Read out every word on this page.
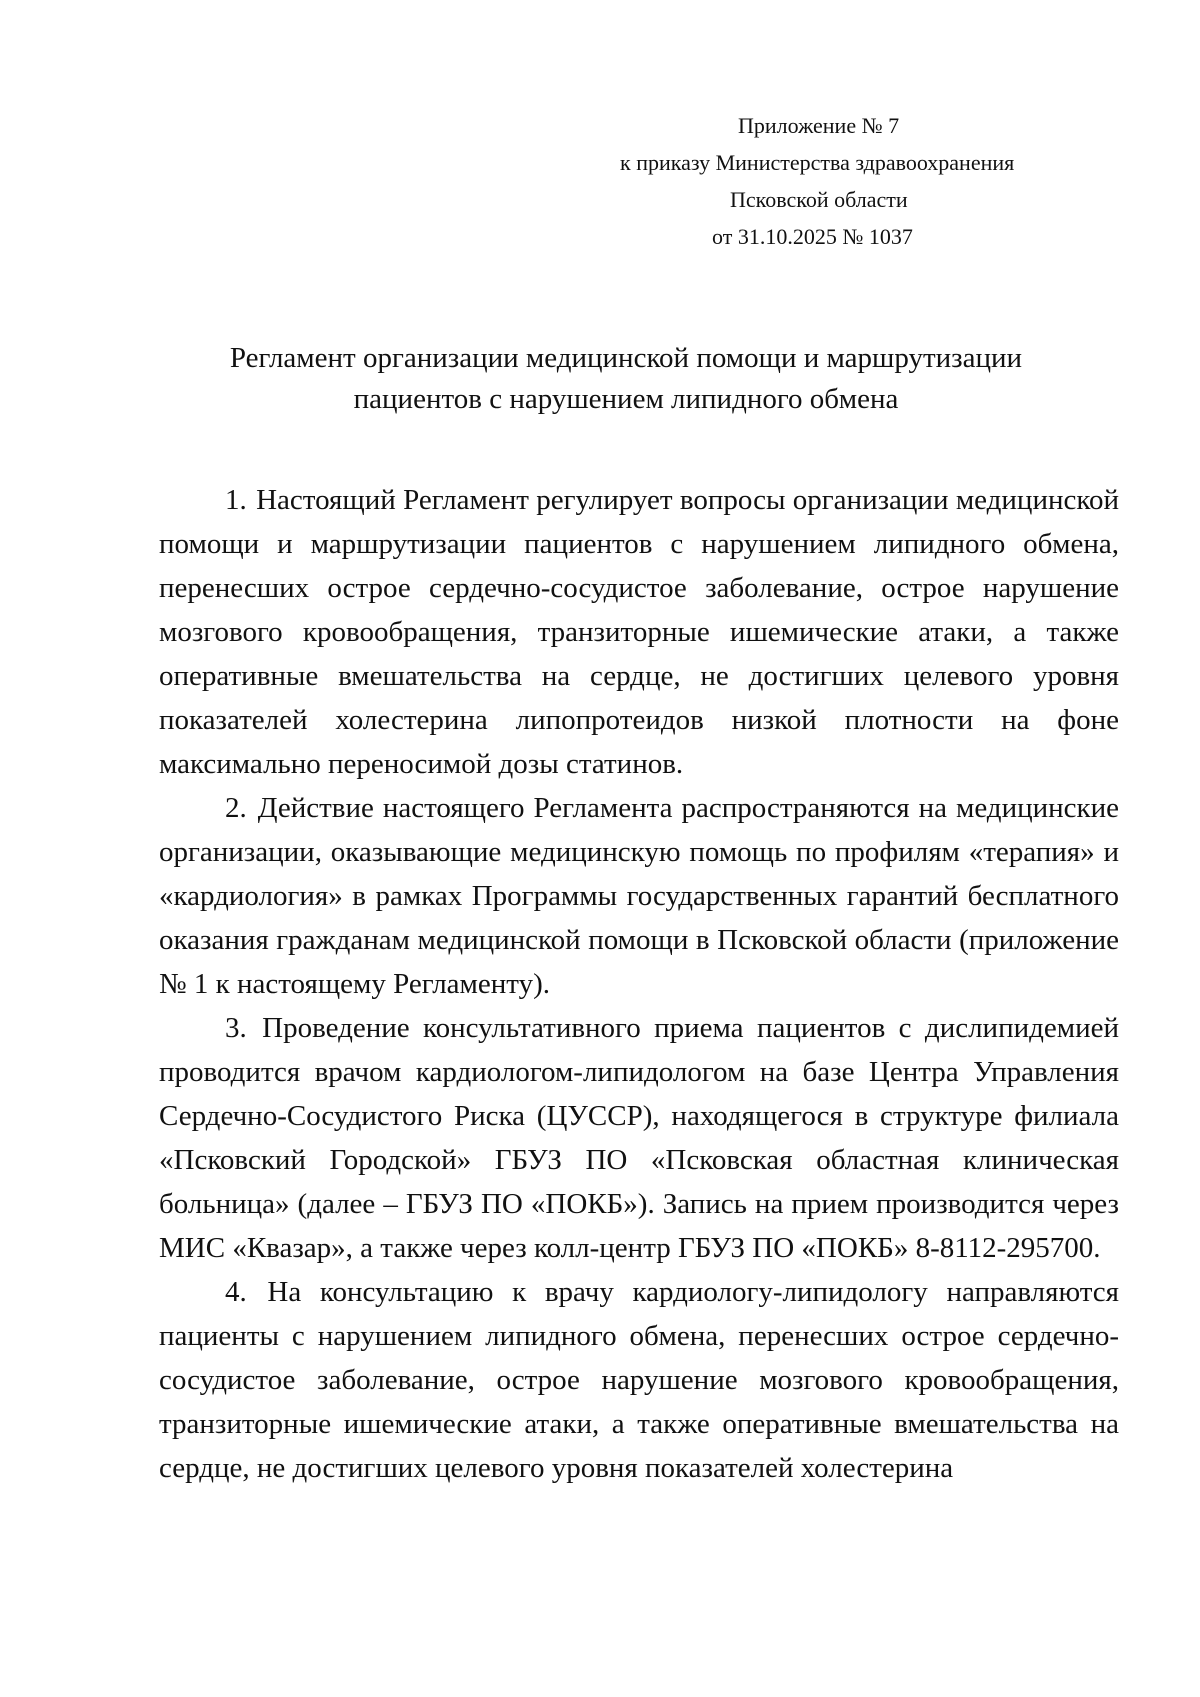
Приложение № 7
к приказу Министерства здравоохранения
Псковской области
от 31.10.2025 № 1037
Регламент организации медицинской помощи и маршрутизации
пациентов с нарушением липидного обмена

1. Настоящий Регламент регулирует вопросы организации медицинской помощи и маршрутизации пациентов с нарушением липидного обмена, перенесших острое сердечно-сосудистое заболевание, острое нарушение мозгового кровообращения, транзиторные ишемические атаки, а также оперативные вмешательства на сердце, не достигших целевого уровня показателей холестерина липопротеидов низкой плотности на фоне максимально переносимой дозы статинов.

2. Действие настоящего Регламента распространяются на медицинские организации, оказывающие медицинскую помощь по профилям «терапия» и «кардиология» в рамках Программы государственных гарантий бесплатного оказания гражданам медицинской помощи в Псковской области (приложение № 1 к настоящему Регламенту).

3. Проведение консультативного приема пациентов с дислипидемией проводится врачом кардиологом-липидологом на базе Центра Управления Сердечно-Сосудистого Риска (ЦУССР), находящегося в структуре филиала «Псковский Городской» ГБУЗ ПО «Псковская областная клиническая больница» (далее – ГБУЗ ПО «ПОКБ»). Запись на прием производится через МИС «Квазар», а также через колл-центр ГБУЗ ПО «ПОКБ» 8-8112-295700.

4. На консультацию к врачу кардиологу-липидологу направляются пациенты с нарушением липидного обмена, перенесших острое сердечно-сосудистое заболевание, острое нарушение мозгового кровообращения, транзиторные ишемические атаки, а также оперативные вмешательства на сердце, не достигших целевого уровня показателей холестерина
